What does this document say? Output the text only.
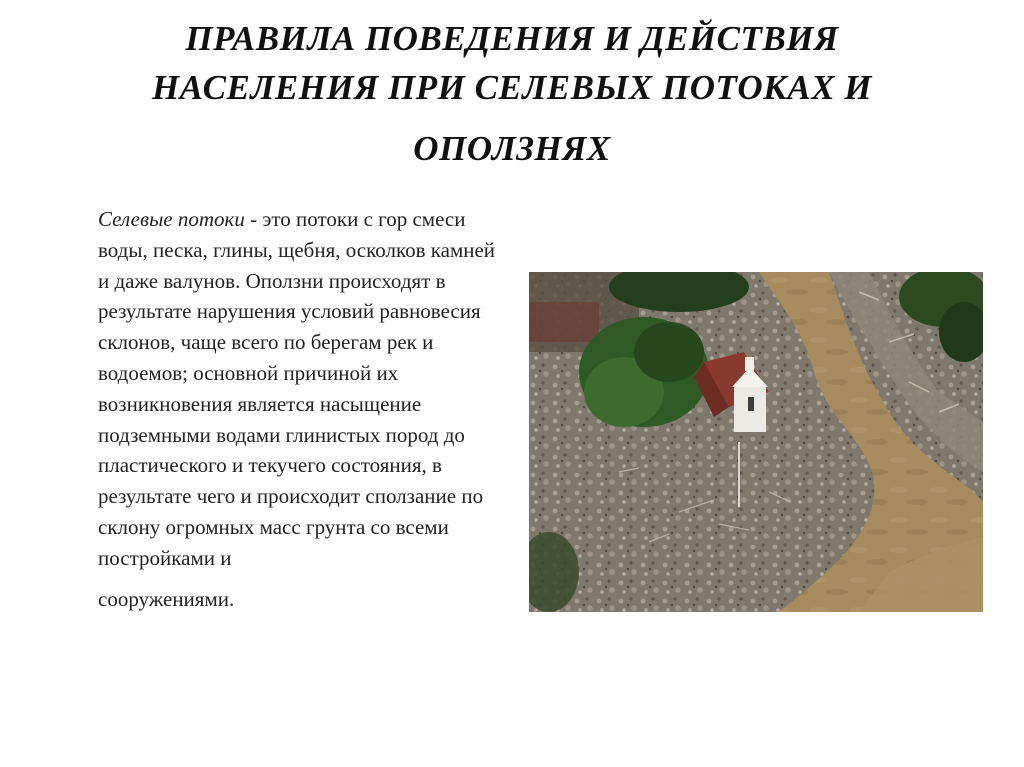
ПРАВИЛА ПОВЕДЕНИЯ И ДЕЙСТВИЯ
НАСЕЛЕНИЯ ПРИ СЕЛЕВЫХ ПОТОКАХ И
ОПОЛЗНЯХ
Селевые потоки - это потоки с гор смеси воды, песка, глины, щебня, осколков камней и даже валунов. Оползни происходят в результате нарушения условий равновесия склонов, чаще всего по берегам рек и водоемов; основной причиной их возникновения является насыщение подземными водами глинистых пород до пластического и текучего состояния, в результате чего и происходит сползание по склону огромных масс грунта со всеми постройками и
сооружениями.
